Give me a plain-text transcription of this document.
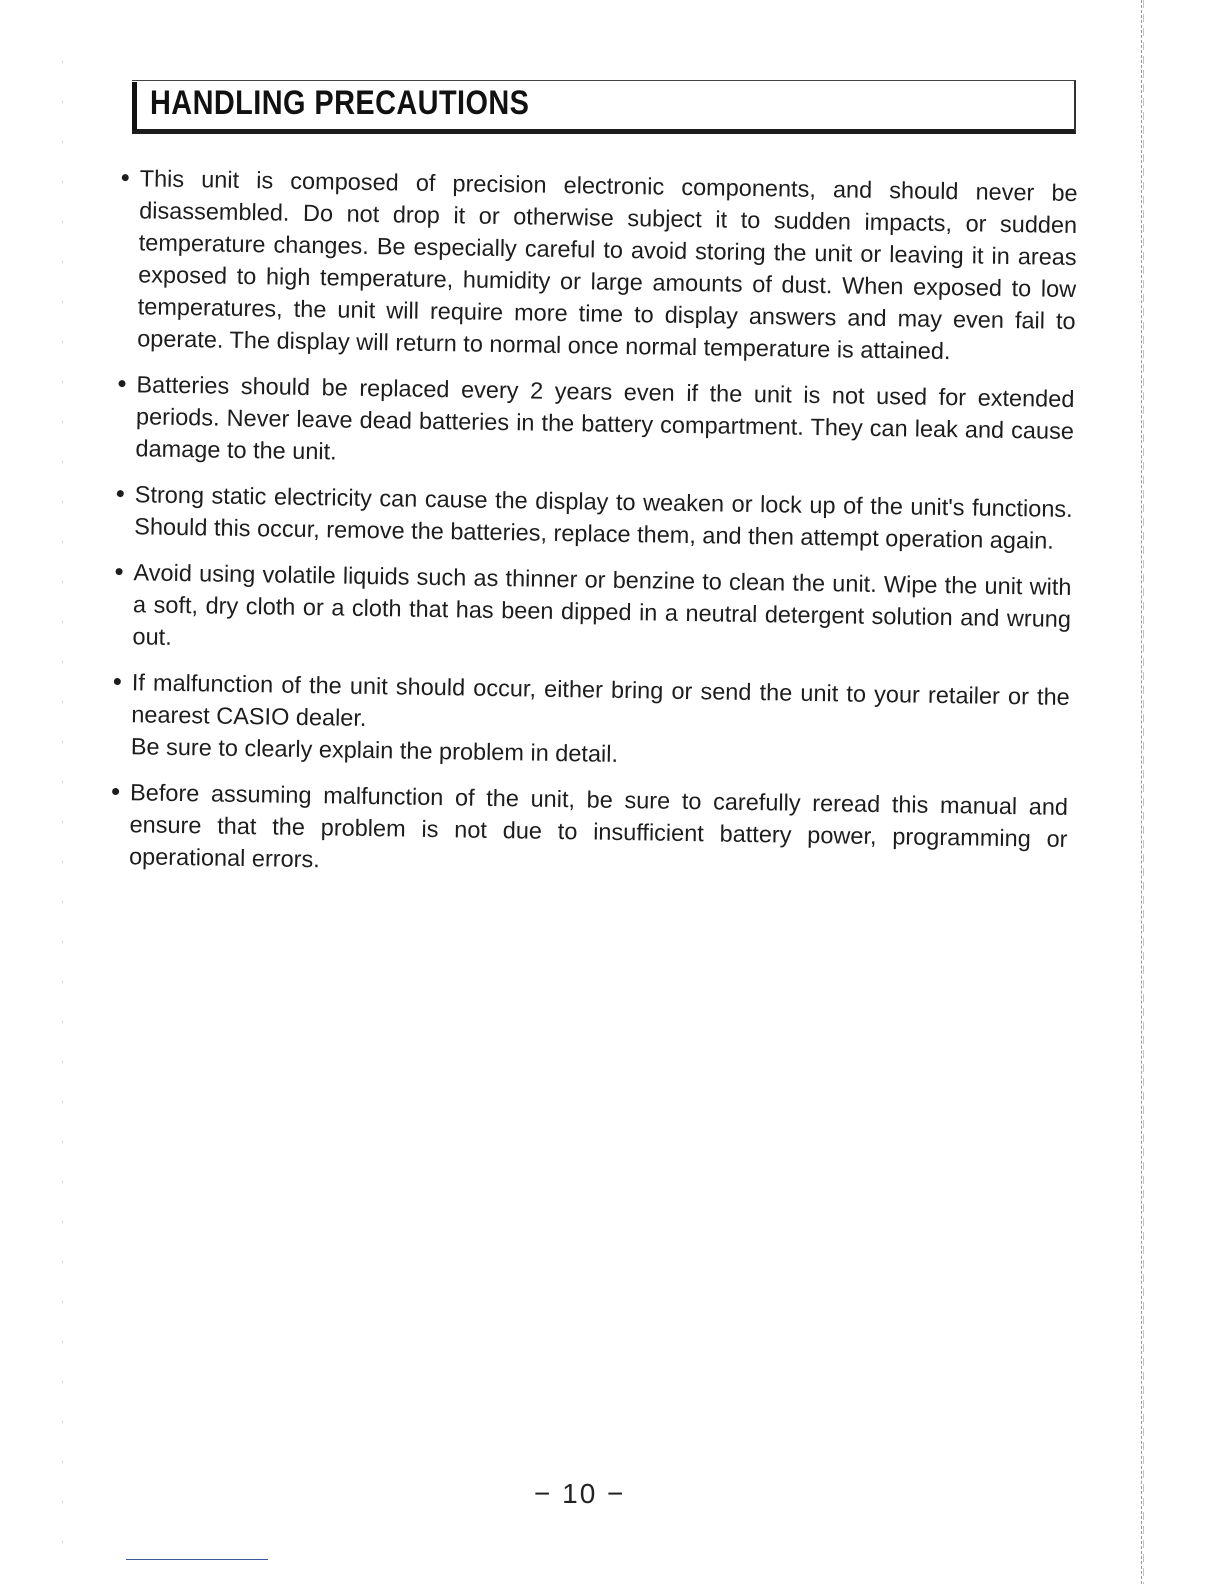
HANDLING PRECAUTIONS
This unit is composed of precision electronic components, and should never be disassembled. Do not drop it or otherwise subject it to sudden impacts, or sudden temperature changes. Be especially careful to avoid storing the unit or leaving it in areas exposed to high temperature, humidity or large amounts of dust. When exposed to low temperatures, the unit will require more time to display answers and may even fail to operate. The display will return to normal once normal temperature is attained.
Batteries should be replaced every 2 years even if the unit is not used for extended periods. Never leave dead batteries in the battery compartment. They can leak and cause damage to the unit.
Strong static electricity can cause the display to weaken or lock up of the unit's functions. Should this occur, remove the batteries, replace them, and then attempt operation again.
Avoid using volatile liquids such as thinner or benzine to clean the unit. Wipe the unit with a soft, dry cloth or a cloth that has been dipped in a neutral detergent solution and wrung out.
If malfunction of the unit should occur, either bring or send the unit to your retailer or the nearest CASIO dealer.
Be sure to clearly explain the problem in detail.
Before assuming malfunction of the unit, be sure to carefully reread this manual and ensure that the problem is not due to insufficient battery power, programming or operational errors.
− 10 −
